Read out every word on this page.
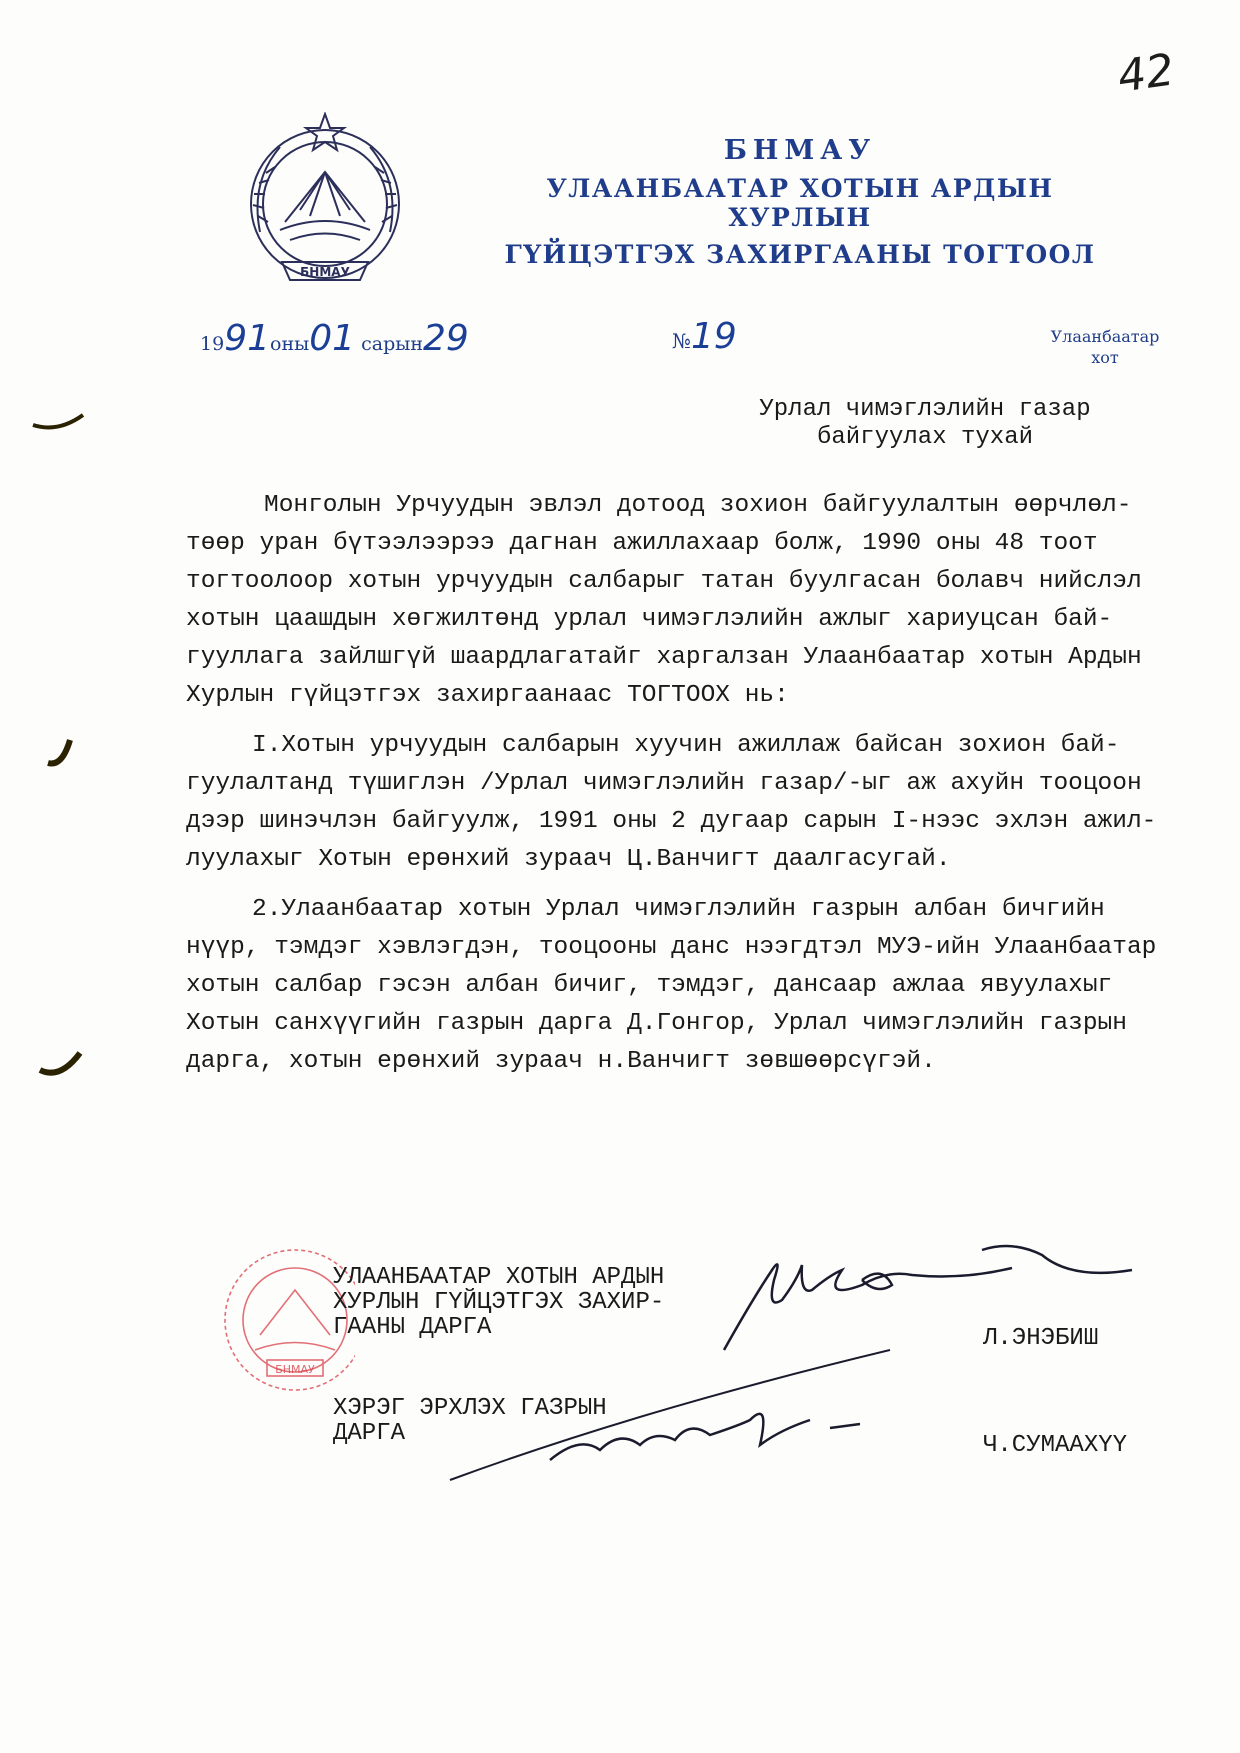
42
БНМАУ
БНМАУ
УЛААНБААТАР ХОТЫН АРДЫН ХУРЛЫН
ГҮЙЦЭТГЭХ ЗАХИРГААНЫ ТОГТООЛ
1991оны01 сарын29	№19	Улаанбаатар
хот
Урлал чимэглэлийн газар
байгуулах тухай

Монголын Урчуудын эвлэл дотоод зохион байгуулалтын өөрчлөл-төөр уран бүтээлээрээ дагнан ажиллахаар болж, 1990 оны 48 тоот тогтоолоор хотын урчуудын салбарыг татан буулгасан болавч нийслэл хотын цаашдын хөгжилтөнд урлал чимэглэлийн ажлыг хариуцсан бай-гууллага зайлшгүй шаардлагатайг харгалзан Улаанбаатар хотын Ардын Хурлын гүйцэтгэх захиргаанаас ТОГТООХ нь:

I.Хотын урчуудын салбарын хуучин ажиллаж байсан зохион бай-гуулалтанд түшиглэн /Урлал чимэглэлийн газар/-ыг аж ахуйн тооцоон дээр шинэчлэн байгуулж, 1991 оны 2 дугаар сарын I-нээс эхлэн ажил-луулахыг Хотын ерөнхий зураач Ц.Ванчигт даалгасугай.

2.Улаанбаатар хотын Урлал чимэглэлийн газрын албан бичгийн нүүр, тэмдэг хэвлэгдэн, тооцооны данс нээгдтэл МУЭ-ийн Улаанбаатар хотын салбар гэсэн албан бичиг, тэмдэг, дансаар ажлаа явуулахыг Хотын санхүүгийн газрын дарга Д.Гонгор, Урлал чимэглэлийн газрын дарга, хотын ерөнхий зураач н.Ванчигт зөвшөөрсүгэй.

БНМАУ
УЛААНБААТАР ХОТЫН АРДЫН
ХУРЛЫН ГҮЙЦЭТГЭХ ЗАХИР-
ГААНЫ ДАРГА	Л.ЭНЭБИШ
ХЭРЭГ ЭРХЛЭХ ГАЗРЫН
ДАРГА	Ч.СУМААХҮҮ
